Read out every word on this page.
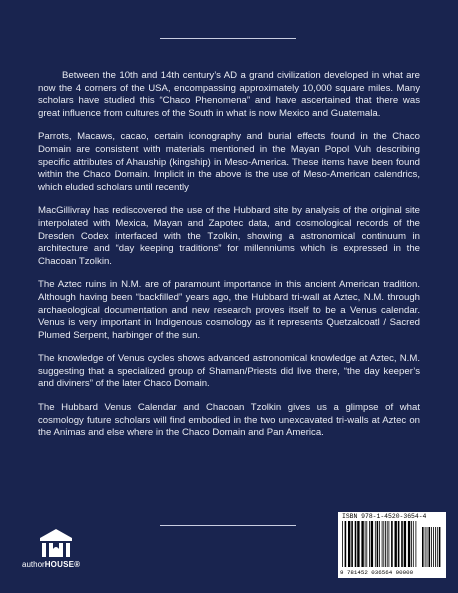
Between the 10th and 14th century’s AD a grand civilization developed in what are now the 4 corners of the USA, encompassing approximately 10,000 square miles. Many scholars have studied this “Chaco Phenomena” and have ascertained that there was great influence from cultures of the South in what is now Mexico and Guatemala.

Parrots, Macaws, cacao, certain iconography and burial effects found in the Chaco Domain are consistent with materials mentioned in the Mayan Popol Vuh describing specific attributes of Ahauship (kingship) in Meso-America. These items have been found within the Chaco Domain. Implicit in the above is the use of Meso-American calendrics, which eluded scholars until recently

MacGillivray has rediscovered the use of the Hubbard site by analysis of the original site interpolated with Mexica, Mayan and Zapotec data, and cosmological records of the Dresden Codex interfaced with the Tzolkin, showing a astronomical continuum in architecture and “day keeping traditions” for millenniums which is expressed in the Chacoan Tzolkin.

The Aztec ruins in N.M. are of paramount importance in this ancient American tradition. Although having been “backfilled” years ago, the Hubbard tri-wall at Aztec, N.M. through archaeological documentation and new research proves itself to be a Venus calendar. Venus is very important in Indigenous cosmology as it represents Quetzalcoatl / Sacred Plumed Serpent, harbinger of the sun.

The knowledge of Venus cycles shows advanced astronomical knowledge at Aztec, N.M. suggesting that a specialized group of Shaman/Priests did live there, “the day keeper’s and diviners” of the later Chaco Domain.

The Hubbard Venus Calendar and Chacoan Tzolkin gives us a glimpse of what cosmology future scholars will find embodied in the two unexcavated tri-walls at Aztec on the Animas and else where in the Chaco Domain and Pan America.

authorHOUSE®
ISBN 978-1-4520-3654-4
9 781452 036564 90000
